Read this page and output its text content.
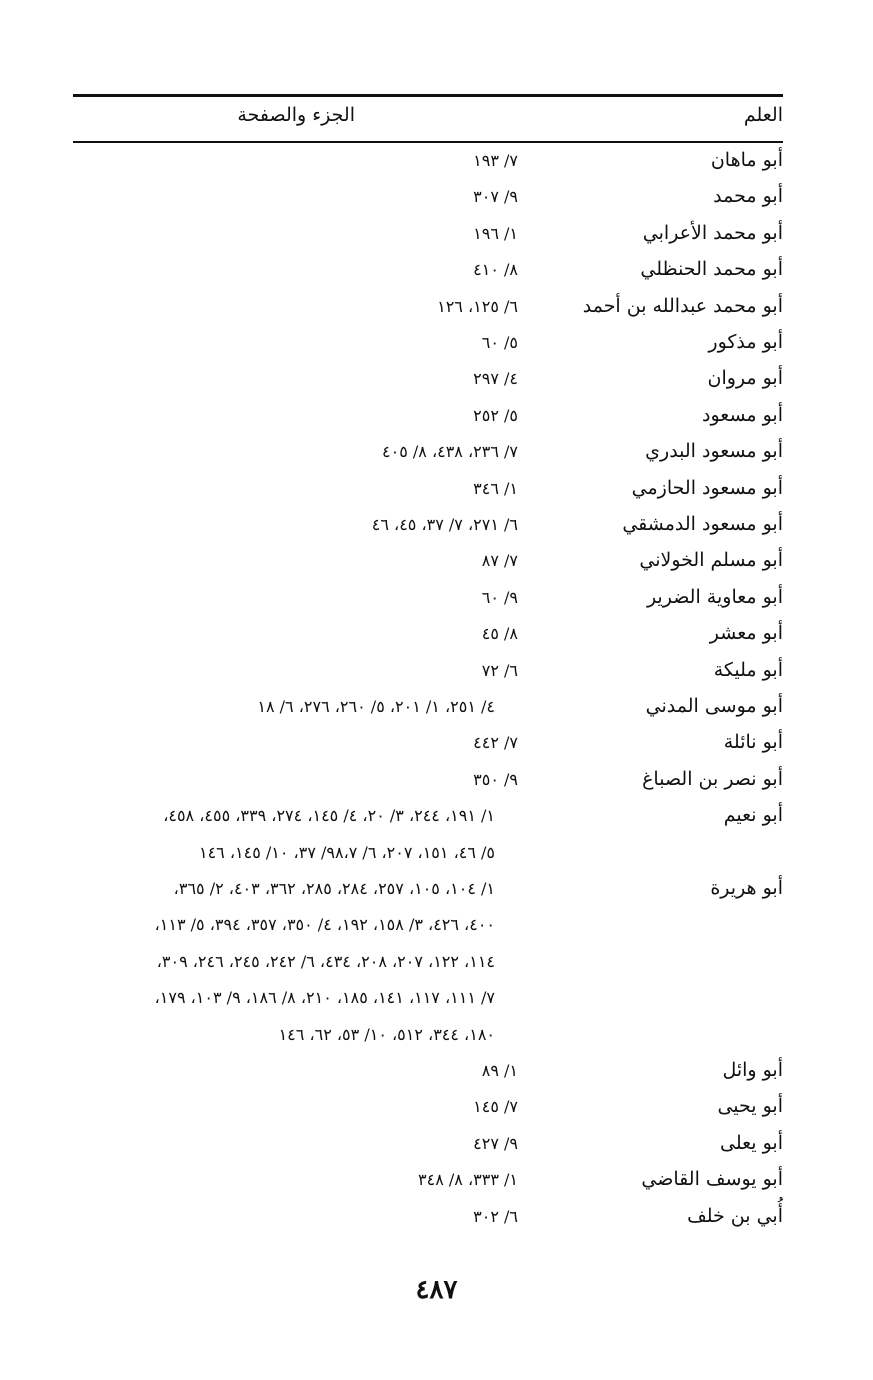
العلم
الجزء والصفحة
أبو ماهان
٧/ ١٩٣
أبو محمد
٩/ ٣٠٧
أبو محمد الأعرابي
١/ ١٩٦
أبو محمد الحنظلي
٨/ ٤١٠
أبو محمد عبدالله بن أحمد
٦/ ١٢٥، ١٢٦
أبو مذكور
٥/ ٦٠
أبو مروان
٤/ ٢٩٧
أبو مسعود
٥/ ٢٥٢
أبو مسعود البدري
٧/ ٢٣٦، ٤٣٨، ٨/ ٤٠٥
أبو مسعود الحازمي
١/ ٣٤٦
أبو مسعود الدمشقي
٦/ ٢٧١، ٧/ ٣٧، ٤٥، ٤٦
أبو مسلم الخولاني
٧/ ٨٧
أبو معاوية الضرير
٩/ ٦٠
أبو معشر
٨/ ٤٥
أبو مليكة
٦/ ٧٢
أبو موسى المدني
٤/ ٢٥١، ١/ ٢٠١، ٥/ ٢٦٠، ٢٧٦، ٦/ ١٨
أبو نائلة
٧/ ٤٤٢
أبو نصر بن الصباغ
٩/ ٣٥٠
أبو نعيم
١/ ١٩١، ٢٤٤، ٣/ ٢٠، ٤/ ١٤٥، ٢٧٤، ٣٣٩، ٤٥٥، ٤٥٨،
٥/ ٤٦، ١٥١، ٢٠٧، ٦/ ٩٨،٧/ ٣٧، ١٠/ ١٤٥، ١٤٦
أبو هريرة
١/ ١٠٤، ١٠٥، ٢٥٧، ٢٨٤، ٢٨٥، ٣٦٢، ٤٠٣، ٢/ ٣٦٥،
٤٠٠، ٤٢٦، ٣/ ١٥٨، ١٩٢، ٤/ ٣٥٠، ٣٥٧، ٣٩٤، ٥/ ١١٣،
١١٤، ١٢٢، ٢٠٧، ٢٠٨، ٤٣٤، ٦/ ٢٤٢، ٢٤٥، ٢٤٦، ٣٠٩،
٧/ ١١١، ١١٧، ١٤١، ١٨٥، ٢١٠، ٨/ ١٨٦، ٩/ ١٠٣، ١٧٩،
١٨٠، ٣٤٤، ٥١٢، ١٠/ ٥٣، ٦٢، ١٤٦
أبو وائل
١/ ٨٩
أبو يحيى
٧/ ١٤٥
أبو يعلى
٩/ ٤٢٧
أبو يوسف القاضي
١/ ٣٣٣، ٨/ ٣٤٨
أُبي بن خلف
٦/ ٣٠٢
٤٨٧
